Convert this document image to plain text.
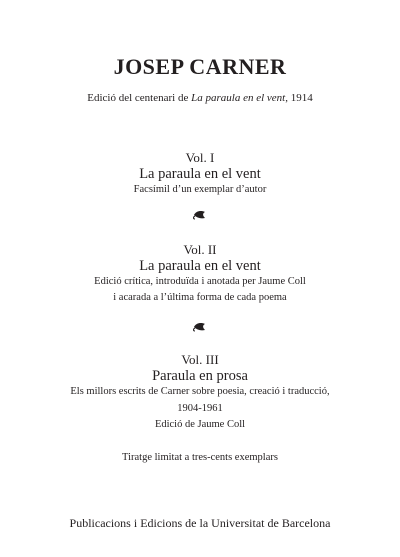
JOSEP CARNER
Edició del centenari de La paraula en el vent, 1914
Vol. I
La paraula en el vent
Facsímil d’un exemplar d’autor
Vol. II
La paraula en el vent
Edició crítica, introduïda i anotada per Jaume Coll
i acarada a l’última forma de cada poema
Vol. III
Paraula en prosa
Els millors escrits de Carner sobre poesia, creació i traducció,
1904-1961
Edició de Jaume Coll
Tiratge limitat a tres-cents exemplars
Publicacions i Edicions de la Universitat de Barcelona
